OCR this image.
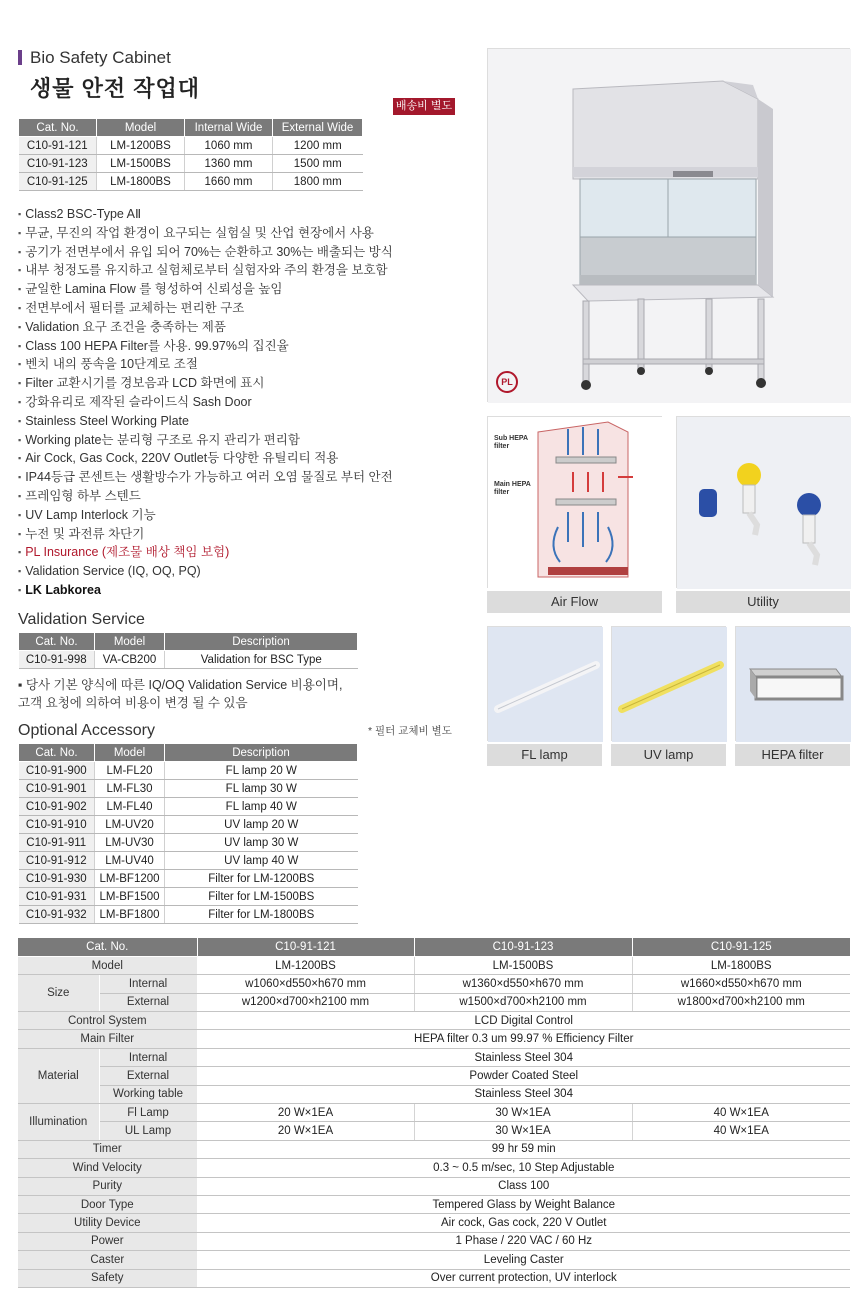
Bio Safety Cabinet
생물 안전 작업대
배송비 별도
Cat. No.	Model	Internal Wide	External Wide
C10-91-121	LM-1200BS	1060 mm	1200 mm
C10-91-123	LM-1500BS	1360 mm	1500 mm
C10-91-125	LM-1800BS	1660 mm	1800 mm
▪ Class2 BSC-Type AⅡ
▪ 무균, 무진의 작업 환경이 요구되는 실험실 및 산업 현장에서 사용
▪ 공기가 전면부에서 유입 되어 70%는 순환하고 30%는 배출되는 방식
▪ 내부 청정도를 유지하고 실험체로부터 실험자와 주의 환경을 보호함
▪ 균일한 Lamina Flow 를 형성하여 신뢰성을 높임
▪ 전면부에서 필터를 교체하는 편리한 구조
▪ Validation 요구 조건을 충족하는 제품
▪ Class 100 HEPA Filter를 사용. 99.97%의 집진율
▪ 벤치 내의 풍속을 10단계로 조절
▪ Filter 교환시기를 경보음과 LCD 화면에 표시
▪ 강화유리로 제작된 슬라이드식 Sash Door
▪ Stainless Steel Working Plate
▪ Working plate는 분리형 구조로 유지 관리가 편리함
▪ Air Cock, Gas Cock, 220V Outlet등 다양한 유틸리티 적용
▪ IP44등급 콘센트는 생활방수가 가능하고 여러 오염 물질로 부터 안전
▪ 프레임형 하부 스텐드
▪ UV Lamp Interlock 기능
▪ 누전 및 과전류 차단기
▪ PL Insurance (제조물 배상 책임 보험)
▪ Validation Service (IQ, OQ, PQ)
▪ LK Labkorea
Validation Service
Cat. No.	Model	Description
C10-91-998	VA-CB200	Validation for BSC Type
▪ 당사 기본 양식에 따른 IQ/OQ Validation Service 비용이며,
고객 요청에 의하여 비용이 변경 될 수 있음
Optional Accessory	* 필터 교체비 별도
Cat. No.	Model	Description
C10-91-900	LM-FL20	FL lamp 20 W
C10-91-901	LM-FL30	FL lamp 30 W
C10-91-902	LM-FL40	FL lamp 40 W
C10-91-910	LM-UV20	UV lamp 20 W
C10-91-911	LM-UV30	UV lamp 30 W
C10-91-912	LM-UV40	UV lamp 40 W
C10-91-930	LM-BF1200	Filter for LM-1200BS
C10-91-931	LM-BF1500	Filter for LM-1500BS
C10-91-932	LM-BF1800	Filter for LM-1800BS
PL
Sub HEPA filter
Main HEPA filter
Air Flow	Utility
FL lamp	UV lamp	HEPA filter
Cat. No.		C10-91-121	C10-91-123	C10-91-125
Model		LM-1200BS	LM-1500BS	LM-1800BS
Size	Internal	w1060×d550×h670 mm	w1360×d550×h670 mm	w1660×d550×h670 mm
	External	w1200×d700×h2100 mm	w1500×d700×h2100 mm	w1800×d700×h2100 mm
Control System		LCD Digital Control		
Main Filter		HEPA filter 0.3 um 99.97 % Efficiency Filter		
Material	Internal	Stainless Steel 304		
	External	Powder Coated Steel		
	Working table	Stainless Steel 304		
Illumination	Fl Lamp	20 W×1EA	30 W×1EA	40 W×1EA
	UL Lamp	20 W×1EA	30 W×1EA	40 W×1EA
Timer		99 hr 59 min		
Wind Velocity		0.3 ~ 0.5 m/sec, 10 Step Adjustable		
Purity		Class 100		
Door Type		Tempered Glass by Weight Balance		
Utility Device		Air cock, Gas cock, 220 V Outlet		
Power		1 Phase / 220 VAC / 60 Hz		
Caster		Leveling Caster		
Safety		Over current protection, UV interlock		
